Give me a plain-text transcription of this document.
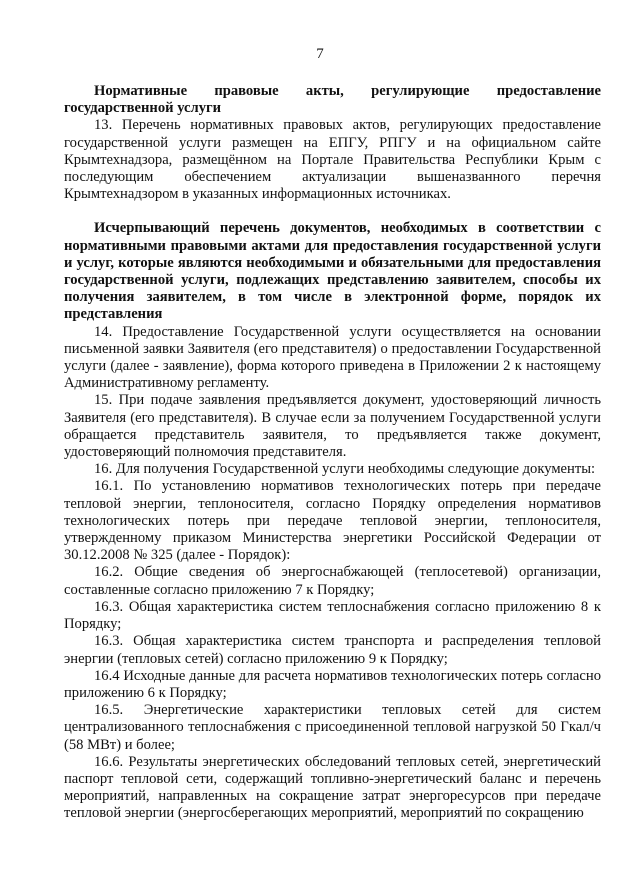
7

Нормативные правовые акты, регулирующие предоставление государственной услуги

13. Перечень нормативных правовых актов, регулирующих предоставление государственной услуги размещен на ЕПГУ, РПГУ и на официальном сайте Крымтехнадзора, размещённом на Портале Правительства Республики Крым с последующим обеспечением актуализации вышеназванного перечня Крымтехнадзором в указанных информационных источниках.

Исчерпывающий перечень документов, необходимых в соответствии с нормативными правовыми актами для предоставления государственной услуги и услуг, которые являются необходимыми и обязательными для предоставления государственной услуги, подлежащих представлению заявителем, способы их получения заявителем, в том числе в электронной форме, порядок их представления

14. Предоставление Государственной услуги осуществляется на основании письменной заявки Заявителя (его представителя) о предоставлении Государственной услуги (далее - заявление), форма которого приведена в Приложении 2 к настоящему Административному регламенту.

15. При подаче заявления предъявляется документ, удостоверяющий личность Заявителя (его представителя). В случае если за получением Государственной услуги обращается представитель заявителя, то предъявляется также документ, удостоверяющий полномочия представителя.

16. Для получения Государственной услуги необходимы следующие документы:

16.1. По установлению нормативов технологических потерь при передаче тепловой энергии, теплоносителя, согласно Порядку определения нормативов технологических потерь при передаче тепловой энергии, теплоносителя, утвержденному приказом Министерства энергетики Российской Федерации от 30.12.2008 № 325 (далее - Порядок):

16.2. Общие сведения об энергоснабжающей (теплосетевой) организации, составленные согласно приложению 7 к Порядку;

16.3. Общая характеристика систем теплоснабжения согласно приложению 8 к Порядку;

16.3. Общая характеристика систем транспорта и распределения тепловой энергии (тепловых сетей) согласно приложению 9 к Порядку;

16.4 Исходные данные для расчета нормативов технологических потерь согласно приложению 6 к Порядку;

16.5. Энергетические характеристики тепловых сетей для систем централизованного теплоснабжения с присоединенной тепловой нагрузкой 50 Гкал/ч (58 МВт) и более;

16.6. Результаты энергетических обследований тепловых сетей, энергетический паспорт тепловой сети, содержащий топливно-энергетический баланс и перечень мероприятий, направленных на сокращение затрат энергоресурсов при передаче тепловой энергии (энергосберегающих мероприятий, мероприятий по сокращению
